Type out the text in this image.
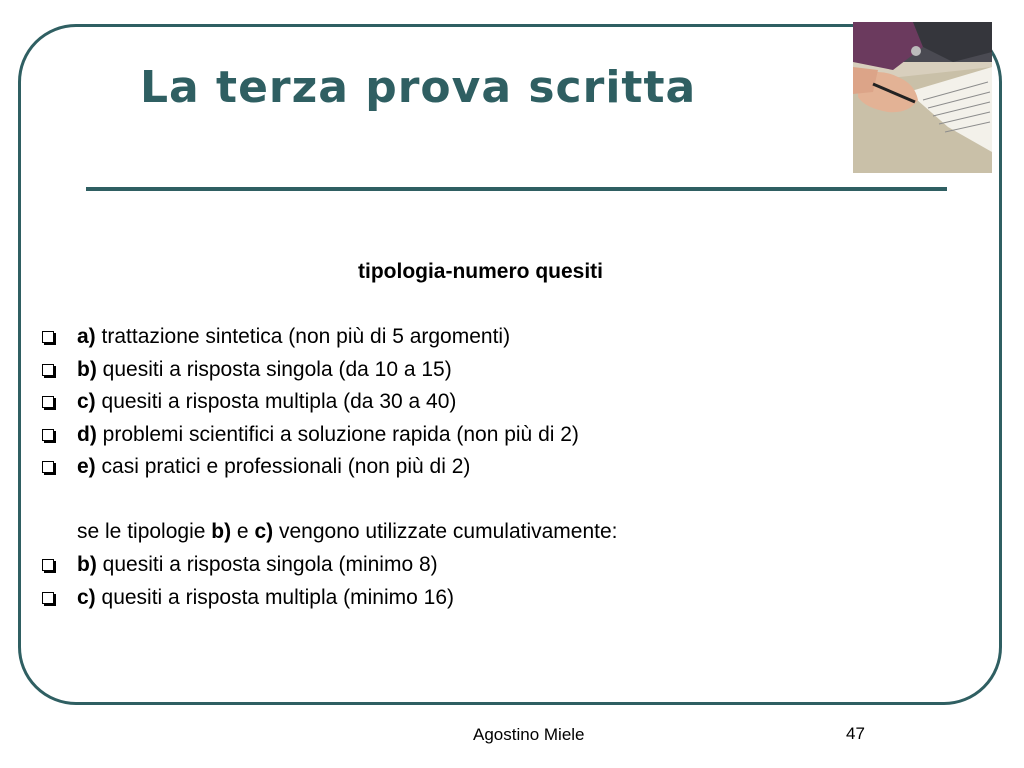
La terza prova scritta
tipologia-numero quesiti
a) trattazione sintetica (non più di 5 argomenti)
b) quesiti a risposta singola (da 10 a 15)
c) quesiti a risposta multipla (da 30 a 40)
d) problemi scientifici a soluzione rapida (non più di 2)
e) casi pratici e professionali (non più di 2)
se le tipologie b) e c) vengono utilizzate cumulativamente:
b) quesiti a risposta singola (minimo 8)
c) quesiti a risposta multipla (minimo 16)
Agostino Miele	47
